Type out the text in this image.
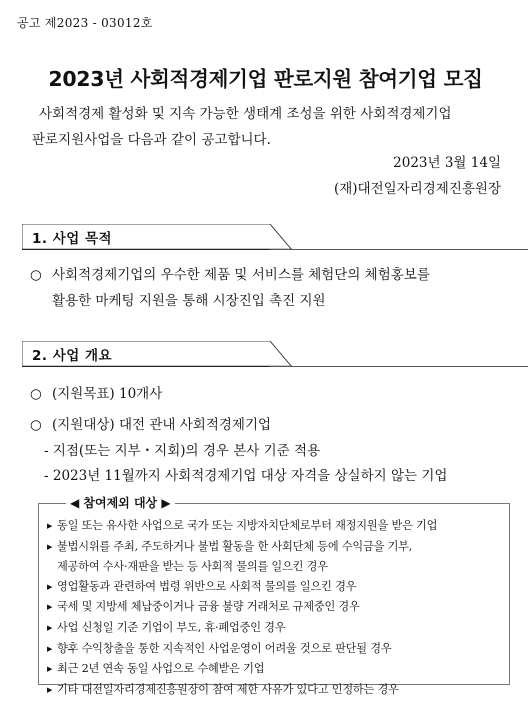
공고 제2023 - 03012호
2023년 사회적경제기업 판로지원 참여기업 모집
사회적경제 활성화 및 지속 가능한 생태계 조성을 위한 사회적경제기업
판로지원사업을 다음과 같이 공고합니다.
2023년 3월 14일
(재)대전일자리경제진흥원장
1. 사업 목적
○ 사회적경제기업의 우수한 제품 및 서비스를 체험단의 체험홍보를
활용한 마케팅 지원을 통해 시장진입 촉진 지원
2. 사업 개요
○ (지원목표) 10개사
○ (지원대상) 대전 관내 사회적경제기업
- 지점(또는 지부・지회)의 경우 본사 기준 적용
- 2023년 11월까지 사회적경제기업 대상 자격을 상실하지 않는 기업
◀ 참여제외 대상 ▶
▶ 동일 또는 유사한 사업으로 국가 또는 지방자치단체로부터 재정지원을 받은 기업
▶ 불법시위를 주최, 주도하거나 불법 활동을 한 사회단체 등에 수익금을 기부,
제공하여 수사·재판을 받는 등 사회적 물의를 일으킨 경우
▶ 영업활동과 관련하여 법령 위반으로 사회적 물의를 일으킨 경우
▶ 국세 및 지방세 체납중이거나 금융 불량 거래처로 규제중인 경우
▶ 사업 신청일 기준 기업이 부도, 휴·폐업중인 경우
▶ 향후 수익창출을 통한 지속적인 사업운영이 어려울 것으로 판단될 경우
▶ 최근 2년 연속 동일 사업으로 수혜받은 기업
▶ 기타 대전일자리경제진흥원장이 참여 제한 사유가 있다고 인정하는 경우
